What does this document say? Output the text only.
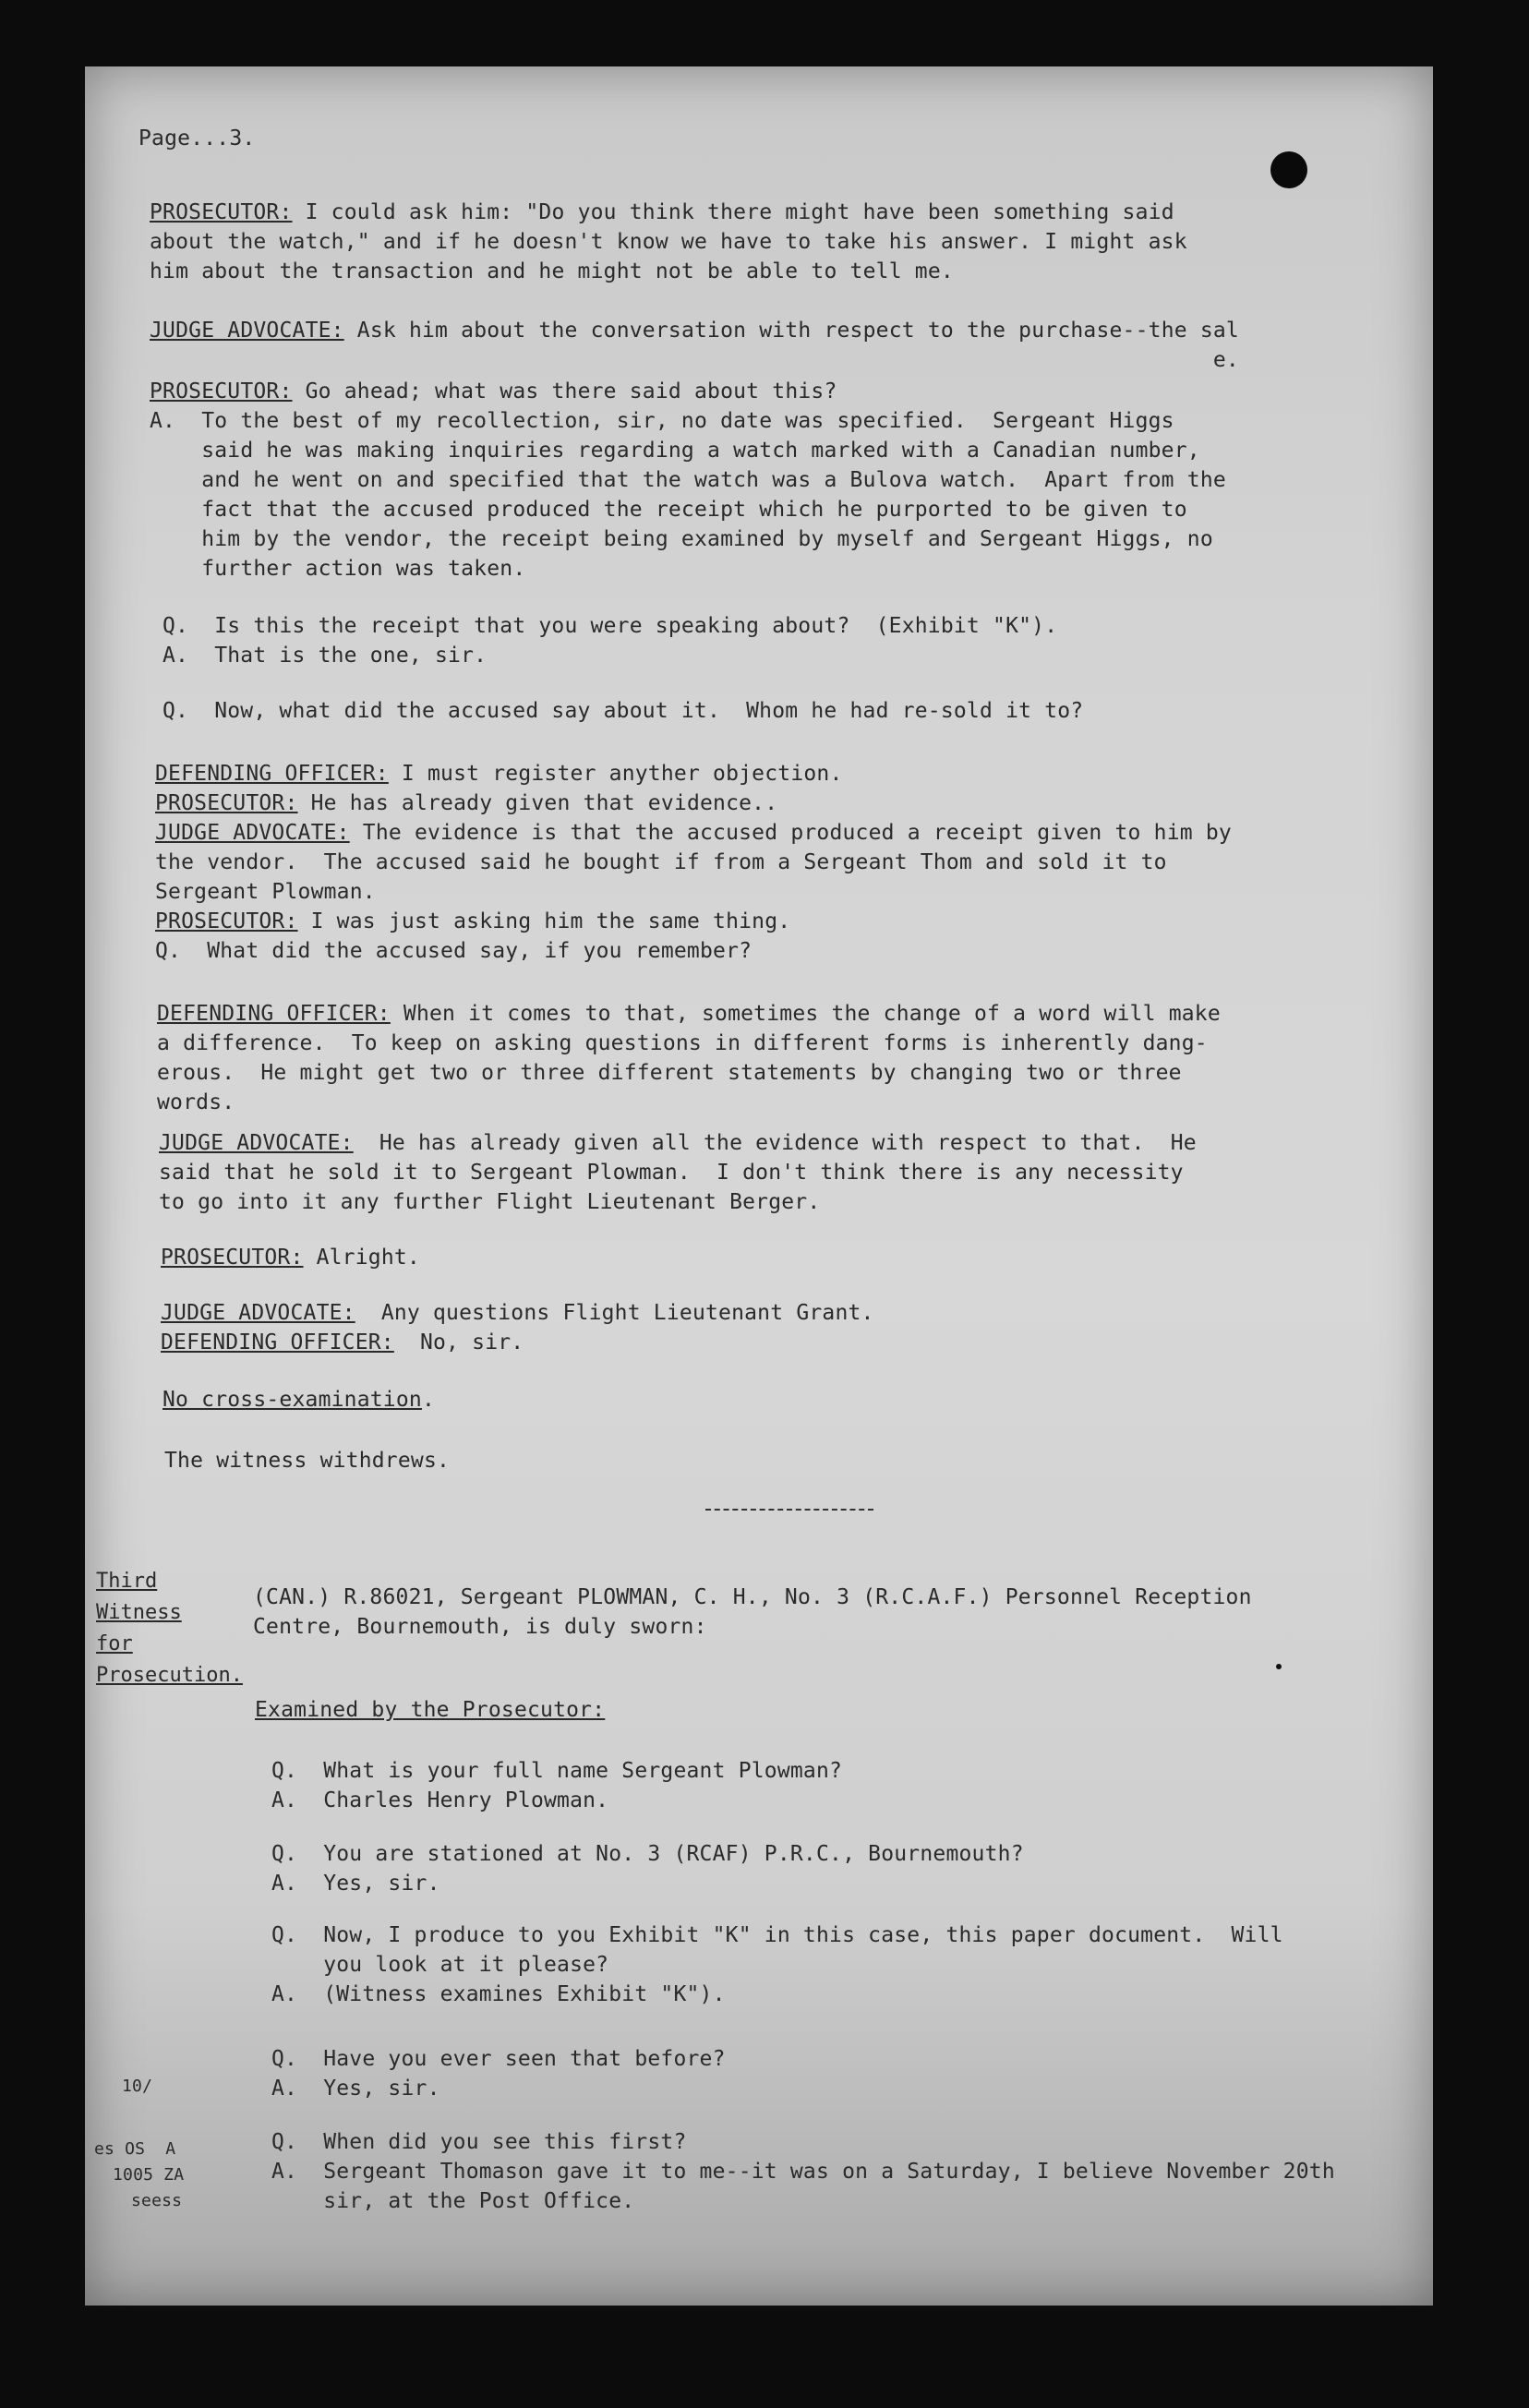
Page...3.
PROSECUTOR: I could ask him: "Do you think there might have been something said
about the watch," and if he doesn't know we have to take his answer. I might ask
him about the transaction and he might not be able to tell me.
JUDGE ADVOCATE: Ask him about the conversation with respect to the purchase--the sal
e.
PROSECUTOR: Go ahead; what was there said about this?
A.  To the best of my recollection, sir, no date was specified.  Sergeant Higgs
said he was making inquiries regarding a watch marked with a Canadian number,
and he went on and specified that the watch was a Bulova watch.  Apart from the
fact that the accused produced the receipt which he purported to be given to
him by the vendor, the receipt being examined by myself and Sergeant Higgs, no
further action was taken.
Q.  Is this the receipt that you were speaking about?  (Exhibit "K").
A.  That is the one, sir.
Q.  Now, what did the accused say about it.  Whom he had re-sold it to?
DEFENDING OFFICER: I must register anyther objection.
PROSECUTOR: He has already given that evidence..
JUDGE ADVOCATE: The evidence is that the accused produced a receipt given to him by
the vendor.  The accused said he bought if from a Sergeant Thom and sold it to
Sergeant Plowman.
PROSECUTOR: I was just asking him the same thing.
Q.  What did the accused say, if you remember?
DEFENDING OFFICER: When it comes to that, sometimes the change of a word will make
a difference.  To keep on asking questions in different forms is inherently dang-
erous.  He might get two or three different statements by changing two or three
words.
JUDGE ADVOCATE:  He has already given all the evidence with respect to that.  He
said that he sold it to Sergeant Plowman.  I don't think there is any necessity
to go into it any further Flight Lieutenant Berger.
PROSECUTOR: Alright.
JUDGE ADVOCATE:  Any questions Flight Lieutenant Grant.
DEFENDING OFFICER:  No, sir.
No cross-examination.
The witness withdrews.
Third
Witness
for
Prosecution.
(CAN.) R.86021, Sergeant PLOWMAN, C. H., No. 3 (R.C.A.F.) Personnel Reception
Centre, Bournemouth, is duly sworn:
Examined by the Prosecutor:
Q.  What is your full name Sergeant Plowman?
A.  Charles Henry Plowman.
Q.  You are stationed at No. 3 (RCAF) P.R.C., Bournemouth?
A.  Yes, sir.
Q.  Now, I produce to you Exhibit "K" in this case, this paper document.  Will
you look at it please?
A.  (Witness examines Exhibit "K").
Q.  Have you ever seen that before?
A.  Yes, sir.
Q.  When did you see this first?
A.  Sergeant Thomason gave it to me--it was on a Saturday, I believe November 20th
sir, at the Post Office.
10/
es OS  A
1005 ZA
seess
